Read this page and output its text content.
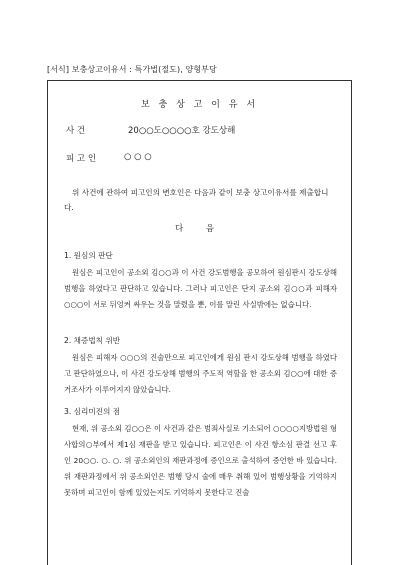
[서식] 보충상고이유서 : 특가법(절도), 양형부당
보 충 상 고 이 유 서
사 건	20○○도○○○○호 강도상해
피 고 인	○ ○ ○
위 사건에 관하여 피고인의 변호인은 다음과 같이 보충 상고이유서를 제출합니다.
다 음
1. 원심의 판단
원심은 피고인이 공소외 김○○과 이 사건 강도범행을 공모하여 원심판시 강도상해 범행을 하였다고 판단하고 있습니다. 그러나 피고인은 단지 공소외 김○○과 피해자 ○○○이 서로 뒤엉켜 싸우는 것을 말렸을 뿐, 이를 말린 사실밖에는 없습니다.
2. 채증법칙 위반
원심은 피해자 ○○○의 진술만으로 피고인에게 원심 판시 강도상해 범행을 하였다고 판단하였으나, 이 사건 강도상해 범행의 주도적 역할을 한 공소외 김○○에 대한 증거조사가 이루어지지 않았습니다.
3. 심리미진의 점
현재, 위 공소외 김○○은 이 사건과 같은 범죄사실로 기소되어 ○○○○지방법원 형사합의○부에서 제1심 재판을 받고 있습니다. 피고인은 이 사건 항소심 판결 선고 후인 20○○. ○. ○. 위 공소외인의 재판과정에 증인으로 출석하여 증언한 바 있습니다. 위 재판과정에서 위 공소외인은 범행 당시 술에 매우 취해 있어 범행상황을 기억하지 못하며 피고인이 함께 있었는지도 기억하지 못한다고 진술
